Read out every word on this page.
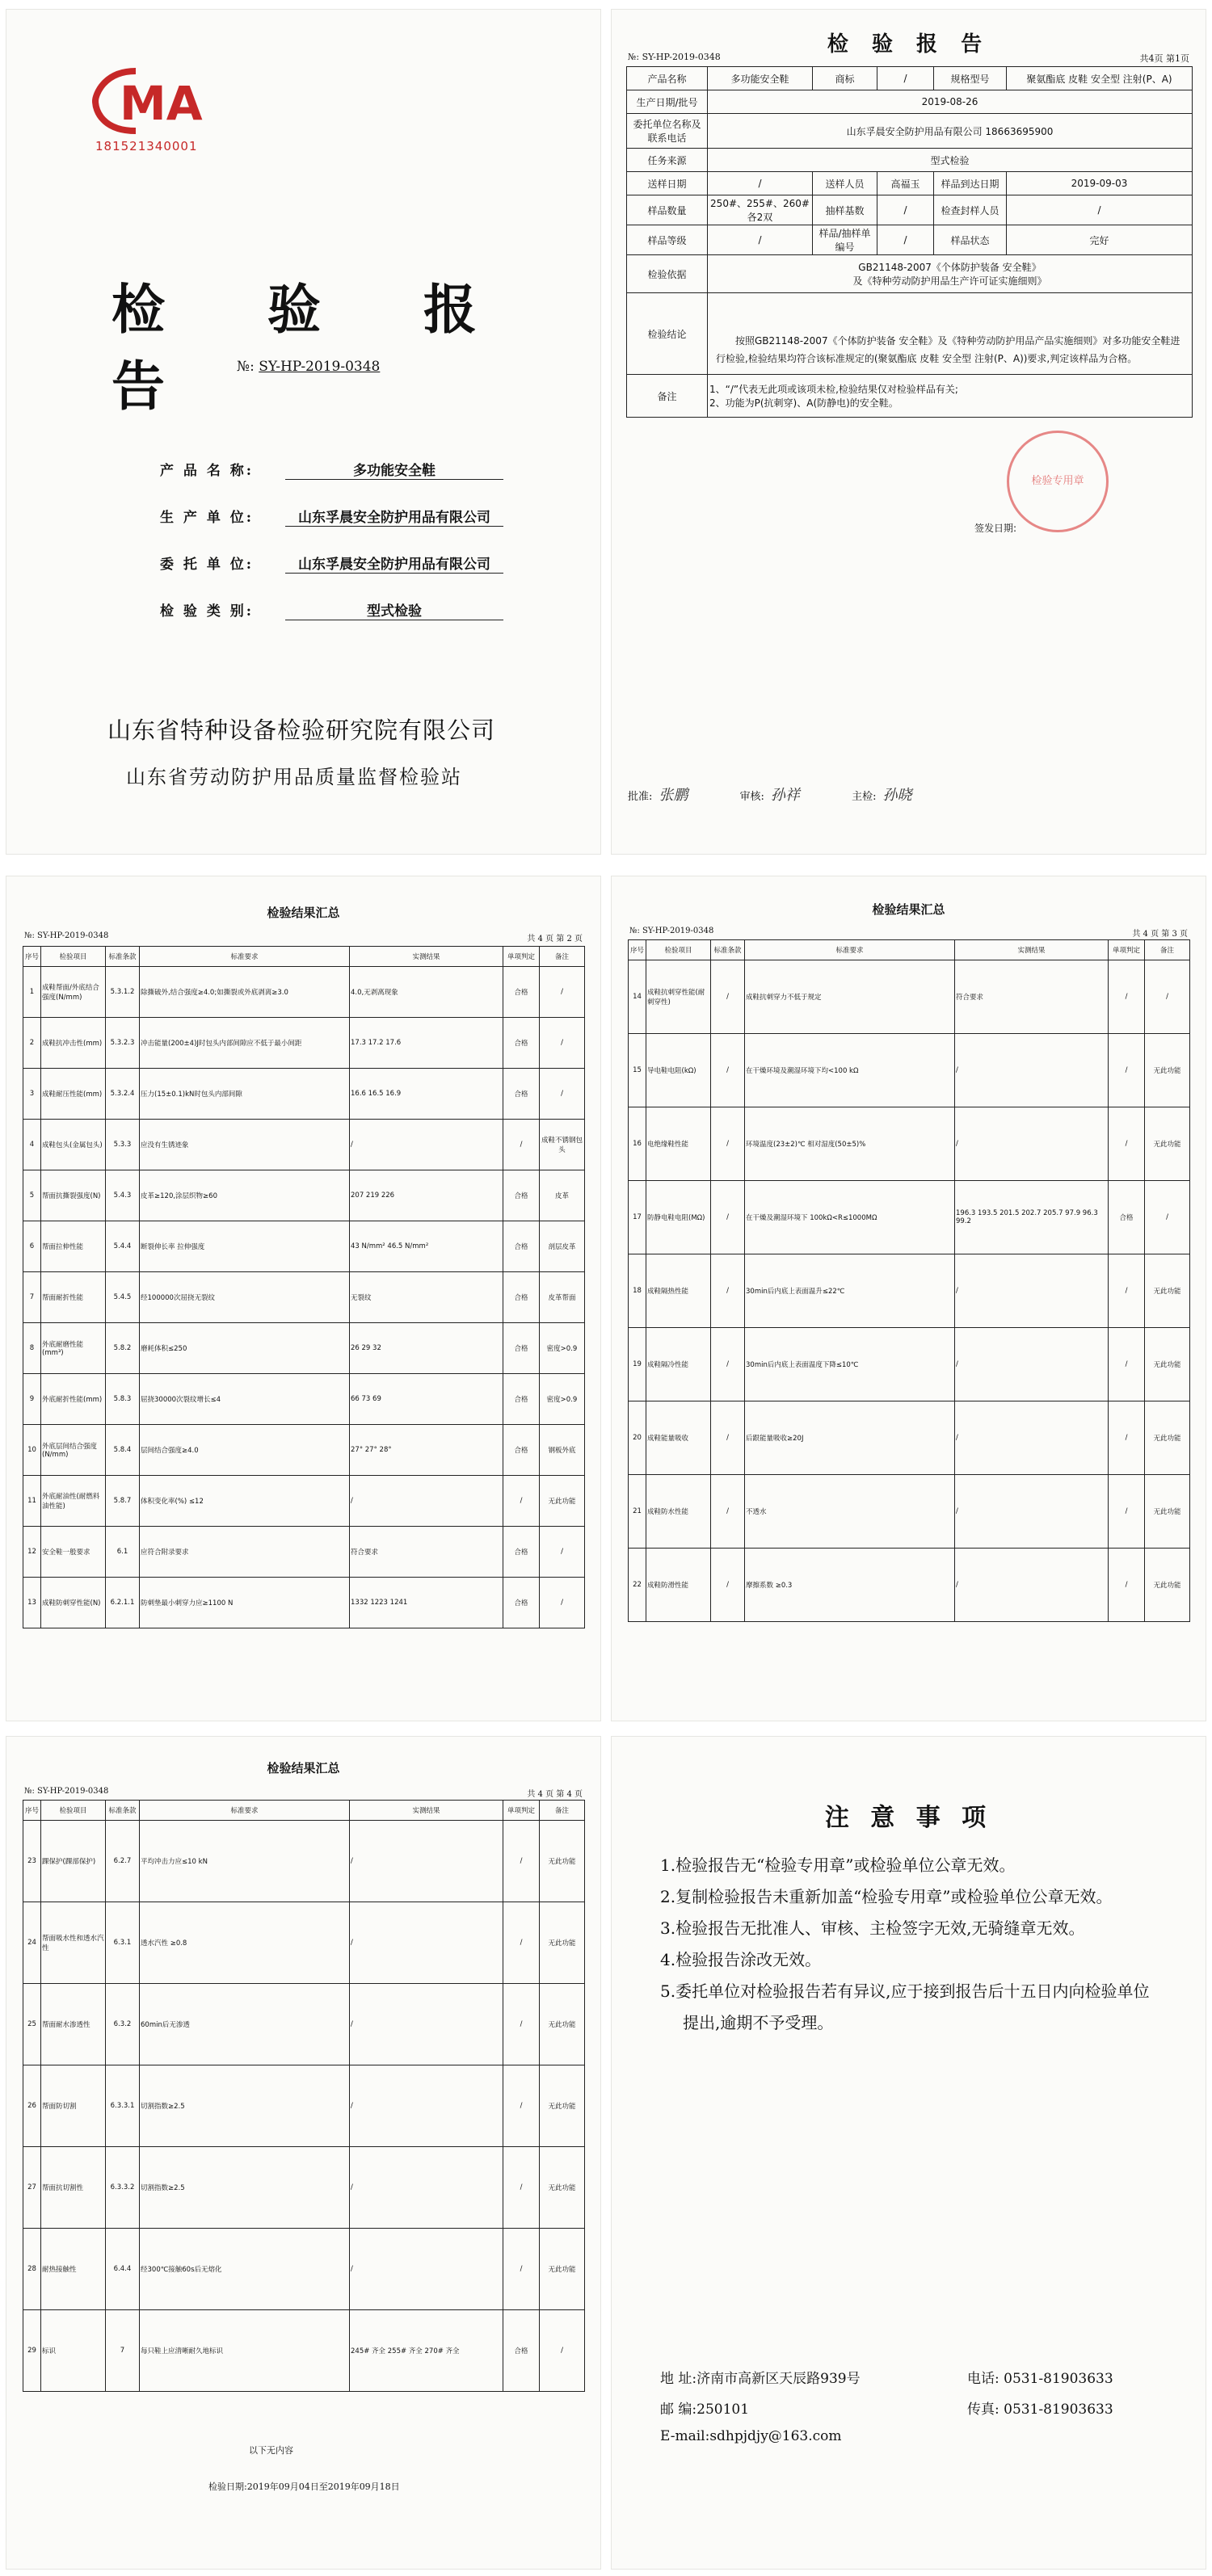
MA
181521340001
检 验 报 告	№: SY-HP-2019-0348
产 品 名 称:	多功能安全鞋
生 产 单 位:	山东孚晨安全防护用品有限公司
委 托 单 位:	山东孚晨安全防护用品有限公司
检 验 类 别:	型式检验
山东省特种设备检验研究院有限公司
山东省劳动防护用品质量监督检验站
检 验 报 告
№: SY-HP-2019-0348	共4页 第1页
产品名称	多功能安全鞋	商标	/	规格型号	聚氨酯底 皮鞋 安全型 注射(P、A)
生产日期/批号	2019-08-26				
委托单位名称及联系电话	山东孚晨安全防护用品有限公司 18663695900				
任务来源	型式检验				
送样日期	/	送样人员	高福玉	样品到达日期	2019-09-03
样品数量	250#、255#、260#各2双	抽样基数	/	检查封样人员	/
样品等级	/	样品/抽样单编号	/	样品状态	完好
检验依据	GB21148-2007《个体防护装备 安全鞋》
及《特种劳动防护用品生产许可证实施细则》				

检验结论	按照GB21148-2007《个体防护装备 安全鞋》及《特种劳动防护用品产品实施细则》对多功能安全鞋进行检验,检验结果均符合该标准规定的(聚氨酯底 皮鞋 安全型 注射(P、A))要求,判定该样品为合格。
检验专用章
签发日期:				

备注	1、“/”代表无此项或该项未检,检验结果仅对检验样品有关;
2、功能为P(抗刺穿)、A(防静电)的安全鞋。				
批准: 张鹏	审核: 孙祥	主检: 孙晓
检验结果汇总
№: SY-HP-2019-0348	共 4 页 第 2 页
序号	检验项目	标准条款	标准要求	实测结果	单项判定	备注
1	成鞋帮面/外底结合强度(N/mm)	5.3.1.2	除撕破外,结合强度≥4.0;如撕裂或外底剥离≥3.0	4.0,无剥离现象	合格	/
2	成鞋抗冲击性(mm)	5.3.2.3	冲击能量(200±4)J时包头内部间隙应不低于最小间距	17.3 17.2 17.6	合格	/
3	成鞋耐压性能(mm)	5.3.2.4	压力(15±0.1)kN时包头内部间隙	16.6 16.5 16.9	合格	/
4	成鞋包头(金属包头)	5.3.3	应没有生锈迹象	/	/	成鞋不锈钢包头
5	帮面抗撕裂强度(N)	5.4.3	皮革≥120,涂层织物≥60	207 219 226	合格	皮革
6	帮面拉伸性能	5.4.4	断裂伸长率 拉伸强度	43 N/mm² 46.5 N/mm²	合格	剖层皮革
7	帮面耐折性能	5.4.5	经100000次屈挠无裂纹	无裂纹	合格	皮革帮面
8	外底耐磨性能(mm³)	5.8.2	磨耗体积≤250	26 29 32	合格	密度>0.9
9	外底耐折性能(mm)	5.8.3	屈挠30000次裂纹增长≤4	66 73 69	合格	密度>0.9
10	外底层间结合强度(N/mm)	5.8.4	层间结合强度≥4.0	27° 27° 28°	合格	钢板外底
11	外底耐油性(耐燃料油性能)	5.8.7	体积变化率(%) ≤12	/	/	无此功能
12	安全鞋一般要求	6.1	应符合附录要求	符合要求	合格	/
13	成鞋防刺穿性能(N)	6.2.1.1	防刺垫最小刺穿力应≥1100 N	1332 1223 1241	合格	/
检验结果汇总
№: SY-HP-2019-0348	共 4 页 第 3 页
序号	检验项目	标准条款	标准要求	实测结果	单项判定	备注
14	成鞋抗刺穿性能(耐刺穿性)	/	成鞋抗刺穿力不低于规定	符合要求	/	/
15	导电鞋电阻(kΩ)	/	在干燥环境及潮湿环境下均<100 kΩ	/	/	无此功能
16	电绝缘鞋性能	/	环境温度(23±2)℃ 相对湿度(50±5)%	/	/	无此功能
17	防静电鞋电阻(MΩ)	/	在干燥及潮湿环境下 100kΩ<R≤1000MΩ	196.3 193.5 201.5 202.7 205.7 97.9 96.3 99.2	合格	/
18	成鞋隔热性能	/	30min后内底上表面温升≤22℃	/	/	无此功能
19	成鞋隔冷性能	/	30min后内底上表面温度下降≤10℃	/	/	无此功能
20	成鞋能量吸收	/	后跟能量吸收≥20J	/	/	无此功能
21	成鞋防水性能	/	不透水	/	/	无此功能
22	成鞋防滑性能	/	摩擦系数 ≥0.3	/	/	无此功能
检验结果汇总
№: SY-HP-2019-0348	共 4 页 第 4 页
序号	检验项目	标准条款	标准要求	实测结果	单项判定	备注
23	踝保护(踝部保护)	6.2.7	平均冲击力应≤10 kN	/	/	无此功能
24	帮面吸水性和透水汽性	6.3.1	透水汽性 ≥0.8	/	/	无此功能
25	帮面耐水渗透性	6.3.2	60min后无渗透	/	/	无此功能
26	帮面防切割	6.3.3.1	切割指数≥2.5	/	/	无此功能
27	帮面抗切割性	6.3.3.2	切割指数≥2.5	/	/	无此功能
28	耐热接触性	6.4.4	经300℃接触60s后无熔化	/	/	无此功能
29	标识	7	每只鞋上应清晰耐久地标识	245# 齐全 255# 齐全 270# 齐全	合格	/
以下无内容
检验日期:2019年09月04日至2019年09月18日
注 意 事 项
1.检验报告无“检验专用章”或检验单位公章无效。
2.复制检验报告未重新加盖“检验专用章”或检验单位公章无效。
3.检验报告无批准人、审核、主检签字无效,无骑缝章无效。
4.检验报告涂改无效。
5.委托单位对检验报告若有异议,应于接到报告后十五日内向检验单位提出,逾期不予受理。
地 址:济南市高新区天辰路939号	电话: 0531-81903633
邮 编:250101	传真: 0531-81903633
E-mail:sdhpjdjy@163.com
